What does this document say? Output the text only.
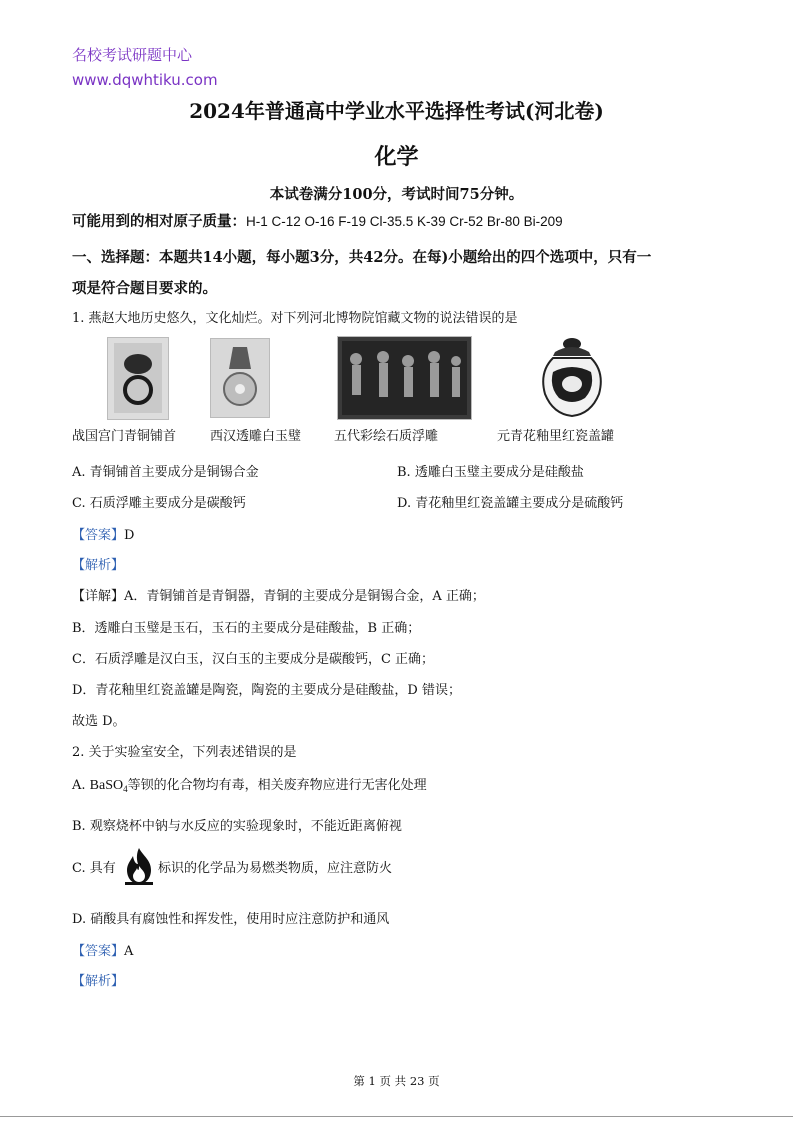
名校考试研题中心
www.dqwhtiku.com
2024年普通高中学业水平选择性考试(河北卷)
化学
本试卷满分100分，考试时间75分钟。
可能用到的相对原子质量：H-1 C-12 O-16 F-19 Cl-35.5 K-39 Cr-52 Br-80 Bi-209
一、选择题：本题共14小题，每小题3分，共42分。在每)小题给出的四个选项中，只有一
项是符合题目要求的。
1. 燕赵大地历史悠久，文化灿烂。对下列河北博物院馆藏文物的说法错误的是
战国宫门青铜铺首	西汉透雕白玉璧	五代彩绘石质浮雕	元青花釉里红瓷盖罐
A. 青铜铺首主要成分是铜锡合金	B. 透雕白玉璧主要成分是硅酸盐
C. 石质浮雕主要成分是碳酸钙	D. 青花釉里红瓷盖罐主要成分是硫酸钙
【答案】D
【解析】
【详解】A．青铜铺首是青铜器，青铜的主要成分是铜锡合金，A 正确；
B．透雕白玉璧是玉石，玉石的主要成分是硅酸盐，B 正确；
C．石质浮雕是汉白玉，汉白玉的主要成分是碳酸钙，C 正确；
D．青花釉里红瓷盖罐是陶瓷，陶瓷的主要成分是硅酸盐，D 错误；
故选 D。
2. 关于实验室安全，下列表述错误的是
A. BaSO$_4$等钡的化合物均有毒，相关废弃物应进行无害化处理
B. 观察烧杯中钠与水反应的实验现象时，不能近距离俯视
C. 具有	标识的化学品为易燃类物质，应注意防火
D. 硝酸具有腐蚀性和挥发性，使用时应注意防护和通风
【答案】A
【解析】
第 1 页 共 23 页
